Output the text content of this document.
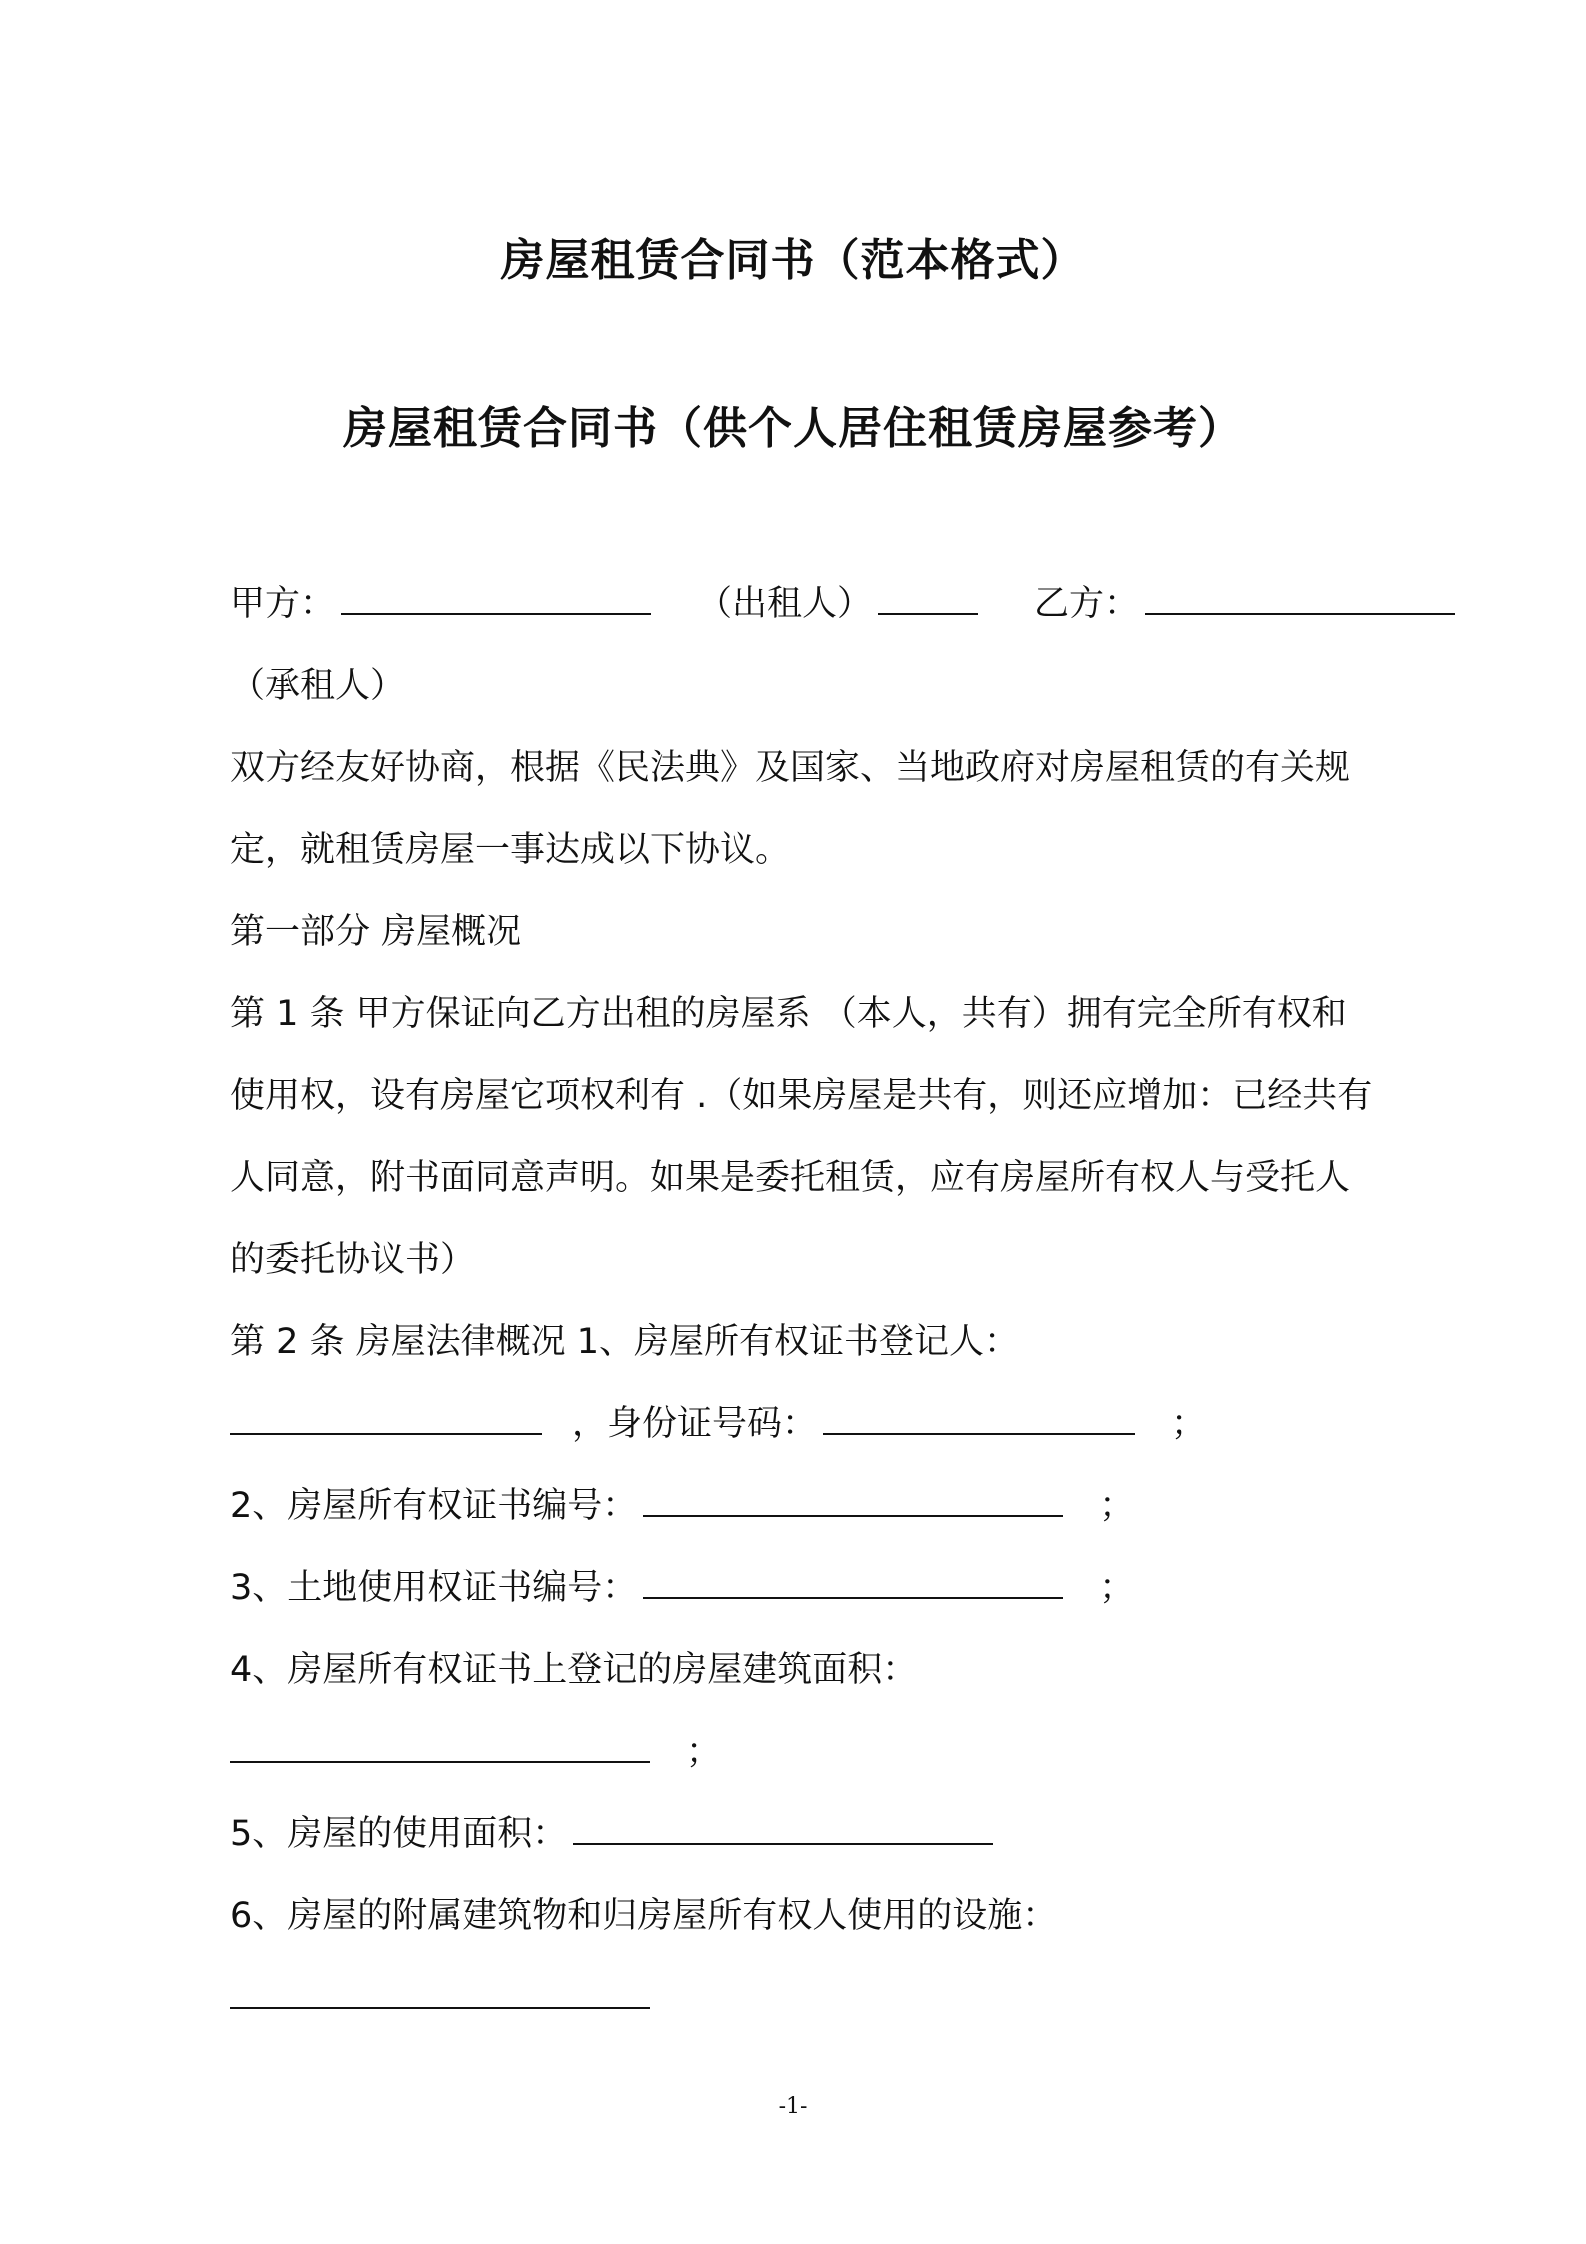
房屋租赁合同书（范本格式）
房屋租赁合同书（供个人居住租赁房屋参考）
甲方：	（出租人）	乙方：
（承租人）
双方经友好协商，根据《民法典》及国家、当地政府对房屋租赁的有关规
定，就租赁房屋一事达成以下协议。
第一部分 房屋概况
第 1 条 甲方保证向乙方出租的房屋系 （本人，共有）拥有完全所有权和
使用权，设有房屋它项权利有 .（如果房屋是共有，则还应增加：已经共有
人同意，附书面同意声明。如果是委托租赁，应有房屋所有权人与受托人
的委托协议书）
第 2 条 房屋法律概况 1、房屋所有权证书登记人：
，身份证号码：	；
2、房屋所有权证书编号：	；
3、土地使用权证书编号：	；
4、房屋所有权证书上登记的房屋建筑面积：
；
5、房屋的使用面积：
6、房屋的附属建筑物和归房屋所有权人使用的设施：
-1-
